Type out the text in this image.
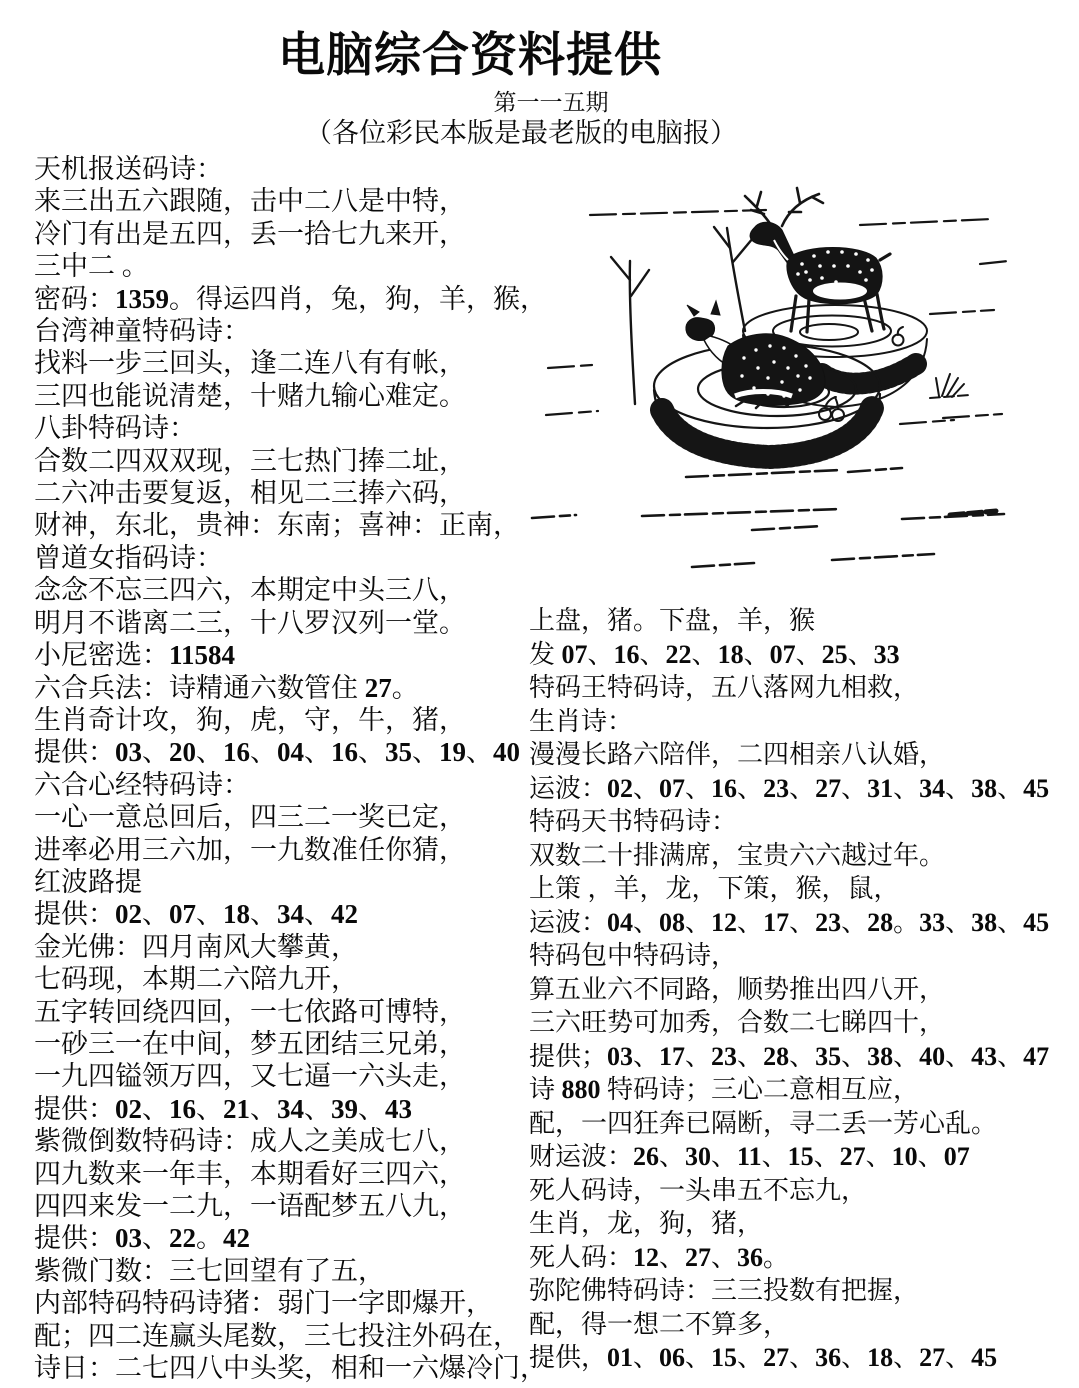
电脑综合资料提供
第一一五期
（各位彩民本版是最老版的电脑报）
天机报送码诗：
来三出五六跟随，击中二八是中特，
冷门有出是五四，丢一拾七九来开，
三中二 。
密码：1359。得运四肖，兔，狗，羊，猴，
台湾神童特码诗：
找料一步三回头，逢二连八有有帐，
三四也能说清楚，十赌九输心难定。
八卦特码诗：
合数二四双双现，三七热门捧二址，
二六冲击要复返，相见二三捧六码，
财神，东北，贵神：东南；喜神：正南，
曾道女指码诗：
念念不忘三四六，本期定中头三八，
明月不谐离二三，十八罗汉列一堂。
小尼密选：11584
六合兵法：诗精通六数管住 27。
生肖奇计攻，狗，虎，守，牛，猪，
提供：03、20、16、04、16、35、19、40
六合心经特码诗：
一心一意总回后，四三二一奖已定，
进率必用三六加，一九数准任你猜，
红波路提
提供：02、07、18、34、42
金光佛：四月南风大攀黄，
七码现，本期二六陪九开，
五字转回绕四回，一七依路可博特，
一砂三一在中间，梦五团结三兄弟，
一九四镒领万四，又七逼一六头走，
提供：02、16、21、34、39、43
紫微倒数特码诗：成人之美成七八，
四九数来一年丰，本期看好三四六，
四四来发一二九，一语配梦五八九，
提供：03、22。42
紫微门数：三七回望有了五，
内部特码特码诗猪：弱门一字即爆开，
配；四二连赢头尾数，三七投注外码在，
诗日：二七四八中头奖，相和一六爆冷门，
上盘，猪。下盘，羊，猴
发 07、16、22、18、07、25、33
特码王特码诗，五八落网九相救，
生肖诗：
漫漫长路六陪伴，二四相亲八认婚，
运波：02、07、16、23、27、31、34、38、45
特码天书特码诗：
双数二十排满席，宝贵六六越过年。
上策 ，羊，龙，下策，猴，鼠，
运波：04、08、12、17、23、28。33、38、45
特码包中特码诗，
算五业六不同路，顺势推出四八开，
三六旺势可加秀，合数二七睇四十，
提供；03、17、23、28、35、38、40、43、47
诗 880 特码诗；三心二意相互应，
配，一四狂奔已隔断，寻二丢一芳心乱。
财运波：26、30、11、15、27、10、07
死人码诗，一头串五不忘九，
生肖，龙，狗，猪，
死人码：12、27、36。
弥陀佛特码诗：三三投数有把握，
配，得一想二不算多，
提供，01、06、15、27、36、18、27、45
